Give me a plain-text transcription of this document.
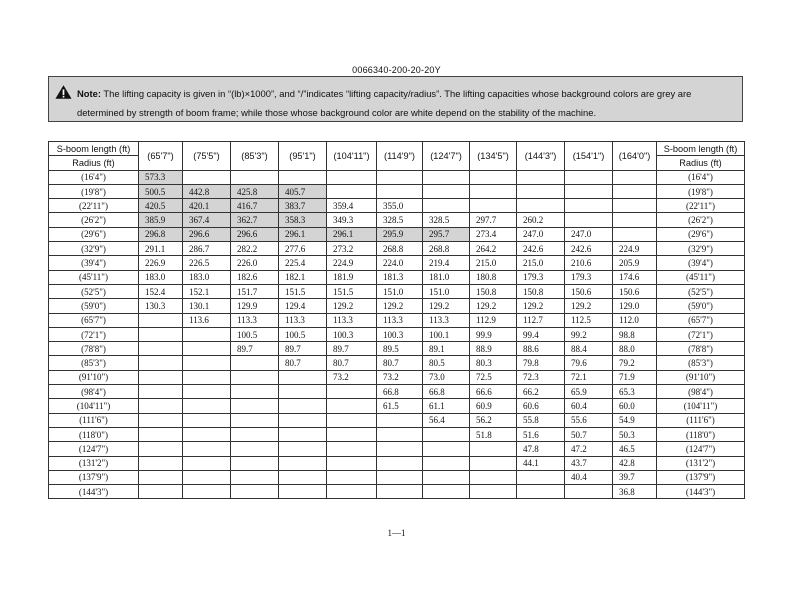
0066340-200-20-20Y
Note: The lifting capacity is given in “(lb)×1000”, and “/”indicates “lifting capacity/radius”. The lifting capacities whose background colors are grey are determined by strength of boom frame; while those whose background color are white depend on the stability of the machine.
S-boom length (ft)	(65'7")	(75'5")	(85'3")	(95'1")	(104'11")	(114'9")	(124'7")	(134'5")	(144'3")	(154'1")	(164'0")	S-boom length (ft)
Radius (ft)												Radius (ft)
(16'4")	573.3											(16'4")
(19'8")	500.5	442.8	425.8	405.7								(19'8")
(22'11")	420.5	420.1	416.7	383.7	359.4	355.0						(22'11")
(26'2")	385.9	367.4	362.7	358.3	349.3	328.5	328.5	297.7	260.2			(26'2")
(29'6")	296.8	296.6	296.6	296.1	296.1	295.9	295.7	273.4	247.0	247.0		(29'6")
(32'9")	291.1	286.7	282.2	277.6	273.2	268.8	268.8	264.2	242.6	242.6	224.9	(32'9")
(39'4")	226.9	226.5	226.0	225.4	224.9	224.0	219.4	215.0	215.0	210.6	205.9	(39'4")
(45'11")	183.0	183.0	182.6	182.1	181.9	181.3	181.0	180.8	179.3	179.3	174.6	(45'11")
(52'5")	152.4	152.1	151.7	151.5	151.5	151.0	151.0	150.8	150.8	150.6	150.6	(52'5")
(59'0")	130.3	130.1	129.9	129.4	129.2	129.2	129.2	129.2	129.2	129.2	129.0	(59'0")
(65'7")		113.6	113.3	113.3	113.3	113.3	113.3	112.9	112.7	112.5	112.0	(65'7")
(72'1")			100.5	100.5	100.3	100.3	100.1	99.9	99.4	99.2	98.8	(72'1")
(78'8")			89.7	89.7	89.7	89.5	89.1	88.9	88.6	88.4	88.0	(78'8")
(85'3")				80.7	80.7	80.7	80.5	80.3	79.8	79.6	79.2	(85'3")
(91'10")					73.2	73.2	73.0	72.5	72.3	72.1	71.9	(91'10")
(98'4")						66.8	66.8	66.6	66.2	65.9	65.3	(98'4")
(104'11")						61.5	61.1	60.9	60.6	60.4	60.0	(104'11")
(111'6")							56.4	56.2	55.8	55.6	54.9	(111'6")
(118'0")								51.8	51.6	50.7	50.3	(118'0")
(124'7")									47.8	47.2	46.5	(124'7")
(131'2")									44.1	43.7	42.8	(131'2")
(137'9")										40.4	39.7	(137'9")
(144'3")											36.8	(144'3")
1—1
